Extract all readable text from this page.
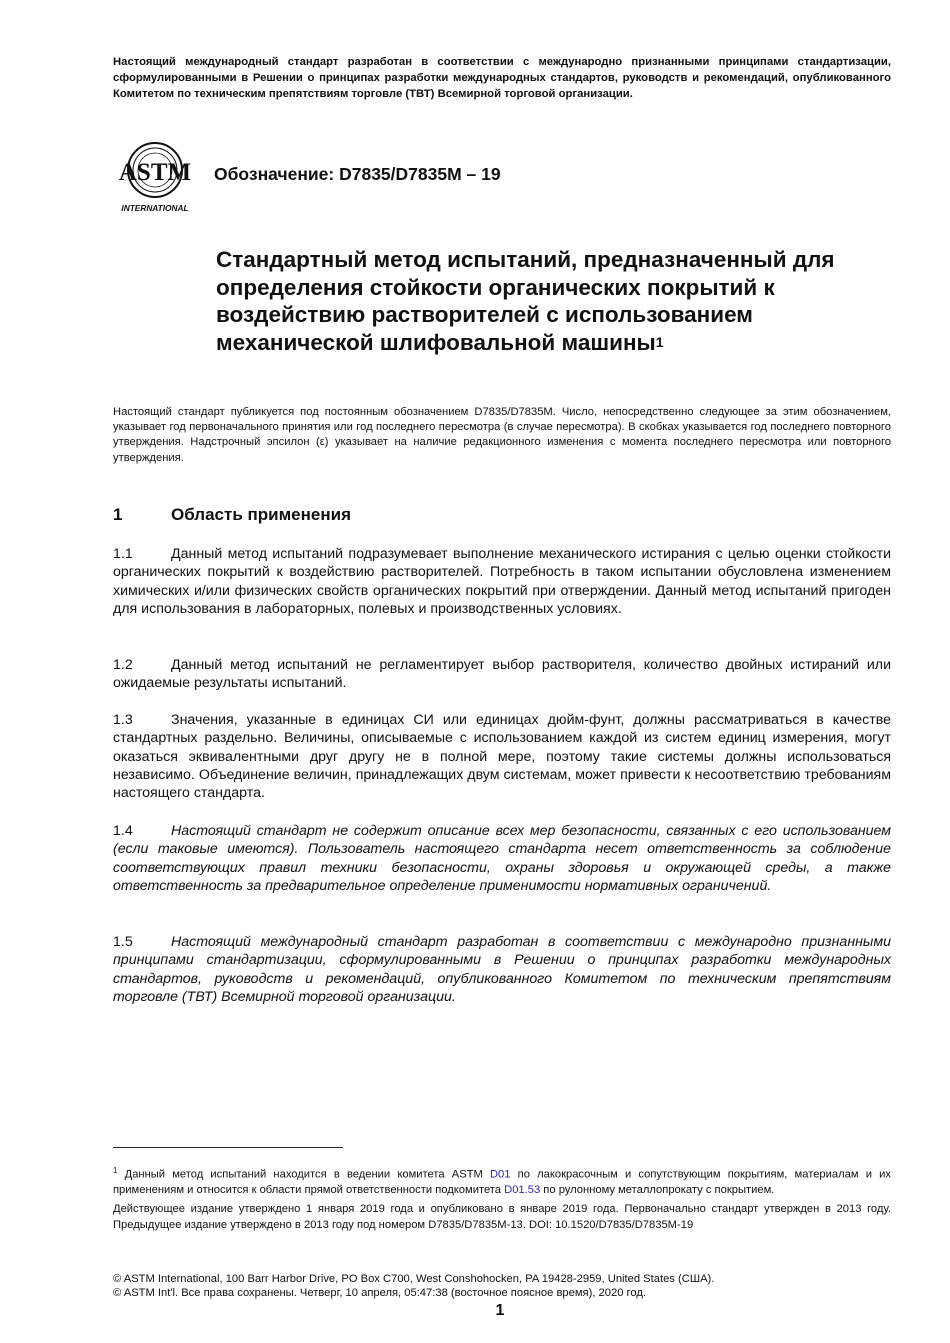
Настоящий международный стандарт разработан в соответствии с международно признанными принципами стандартизации, сформулированными в Решении о принципах разработки международных стандартов, руководств и рекомендаций, опубликованного Комитетом по техническим препятствиям торговле (ТВТ) Всемирной торговой организации.
ASTM
INTERNATIONAL
Обозначение: D7835/D7835M – 19
Стандартный метод испытаний, предназначенный для определения стойкости органических покрытий к воздействию растворителей с использованием механической шлифовальной машины$^1$
Настоящий стандарт публикуется под постоянным обозначением D7835/D7835M. Число, непосредственно следующее за этим обозначением, указывает год первоначального принятия или год последнего пересмотра (в случае пересмотра). В скобках указывается год последнего повторного утверждения. Надстрочный эпсилон (ε) указывает на наличие редакционного изменения с момента последнего пересмотра или повторного утверждения.
1	Область применения
1.1	Данный метод испытаний подразумевает выполнение механического истирания с целью оценки стойкости органических покрытий к воздействию растворителей. Потребность в таком испытании обусловлена изменением химических и/или физических свойств органических покрытий при отверждении. Данный метод испытаний пригоден для использования в лабораторных, полевых и производственных условиях.
1.2	Данный метод испытаний не регламентирует выбор растворителя, количество двойных истираний или ожидаемые результаты испытаний.
1.3	Значения, указанные в единицах СИ или единицах дюйм-фунт, должны рассматриваться в качестве стандартных раздельно. Величины, описываемые с использованием каждой из систем единиц измерения, могут оказаться эквивалентными друг другу не в полной мере, поэтому такие системы должны использоваться независимо. Объединение величин, принадлежащих двум системам, может привести к несоответствию требованиям настоящего стандарта.
1.4	Настоящий стандарт не содержит описание всех мер безопасности, связанных с его использованием (если таковые имеются). Пользователь настоящего стандарта несет ответственность за соблюдение соответствующих правил техники безопасности, охраны здоровья и окружающей среды, а также ответственность за предварительное определение применимости нормативных ограничений.
1.5	Настоящий международный стандарт разработан в соответствии с международно признанными принципами стандартизации, сформулированными в Решении о принципах разработки международных стандартов, руководств и рекомендаций, опубликованного Комитетом по техническим препятствиям торговле (ТВТ) Всемирной торговой организации.
$^1$ Данный метод испытаний находится в ведении комитета ASTM D01 по лакокрасочным и сопутствующим покрытиям, материалам и их применениям и относится к области прямой ответственности подкомитета D01.53 по рулонному металлопрокату с покрытием.
Действующее издание утверждено 1 января 2019 года и опубликовано в январе 2019 года. Первоначально стандарт утвержден в 2013 году. Предыдущее издание утверждено в 2013 году под номером D7835/D7835M-13. DOI: 10.1520/D7835/D7835M-19
© ASTM International, 100 Barr Harbor Drive, PO Box C700, West Conshohocken, PA 19428-2959, United States (США).
© ASTM Int'l. Все права сохранены. Четверг, 10 апреля, 05:47:38 (восточное поясное время), 2020 год.
1
